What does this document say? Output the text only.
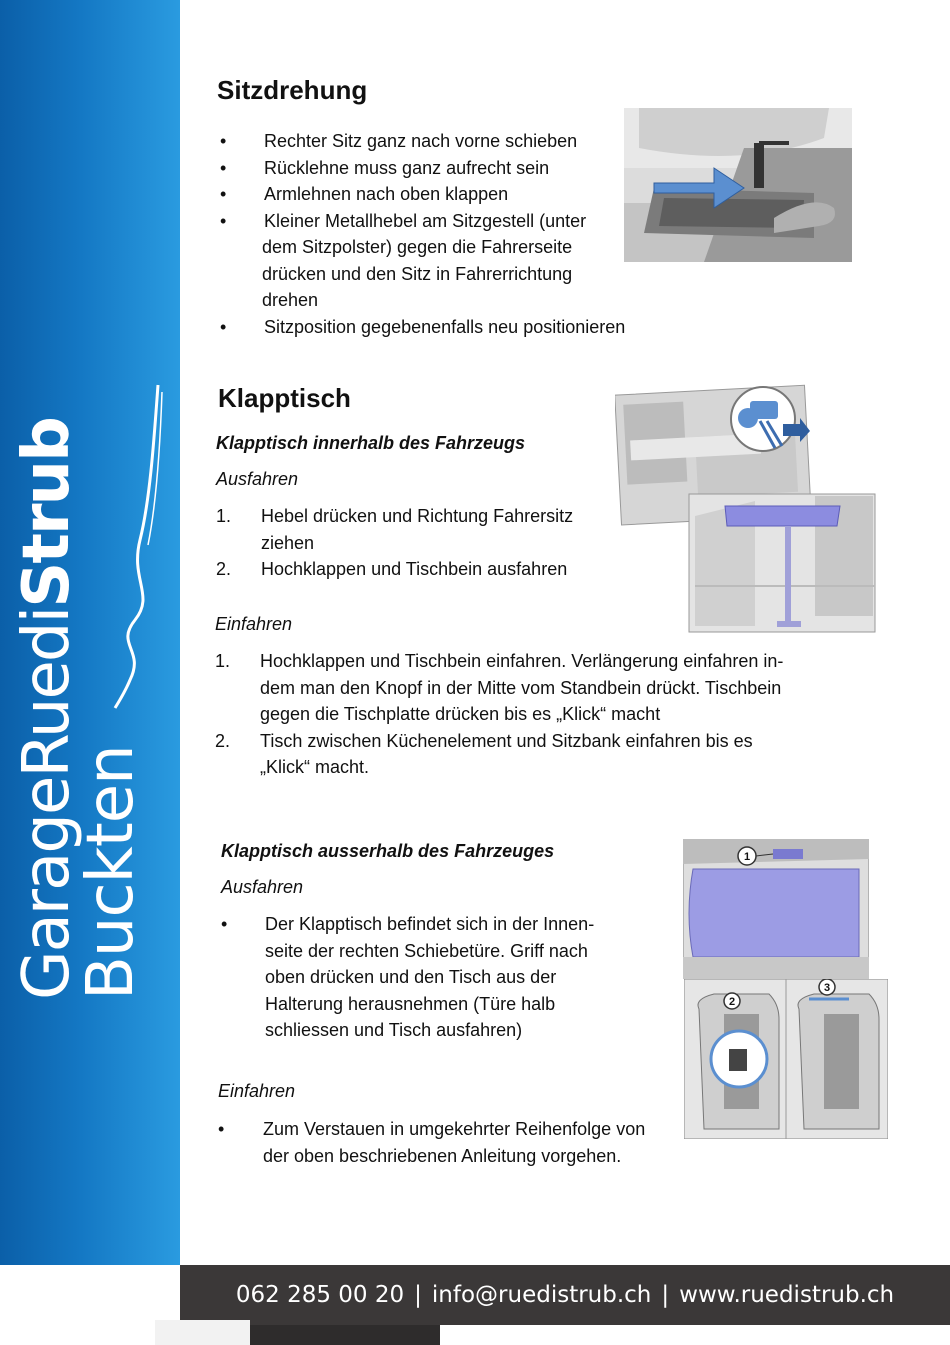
GarageRuediStrub
Buckten
Sitzdrehung
•	Rechter Sitz ganz nach vorne schieben
•	Rücklehne muss ganz aufrecht sein
•	Armlehnen nach oben klappen
•	Kleiner Metallhebel am Sitzgestell (unter
dem Sitzpolster) gegen die Fahrerseite
drücken und den Sitz in Fahrerrichtung
drehen
•	Sitzposition gegebenenfalls neu positionieren
Klapptisch

Klapptisch innerhalb des Fahrzeugs

Ausfahren

1.	Hebel drücken und Richtung Fahrersitz
ziehen
2.	Hochklappen und Tischbein ausfahren

Einfahren

1.	Hochklappen und Tischbein einfahren. Verlängerung einfahren in-
dem man den Knopf in der Mitte vom Standbein drückt. Tischbein
gegen die Tischplatte drücken bis es „Klick“ macht
2.	Tisch zwischen Küchenelement und Sitzbank einfahren bis es
„Klick“ macht.

Klapptisch ausserhalb des Fahrzeuges

Ausfahren

•	Der Klapptisch befindet sich in der Innen-
seite der rechten Schiebetüre. Griff nach
oben drücken und den Tisch aus der
Halterung herausnehmen (Türe halb
schliessen und Tisch ausfahren)

Einfahren

•	Zum Verstauen in umgekehrter Reihenfolge von
der oben beschriebenen Anleitung vorgehen.
1
2
3
062 285 00 20 | info@ruedistrub.ch | www.ruedistrub.ch
